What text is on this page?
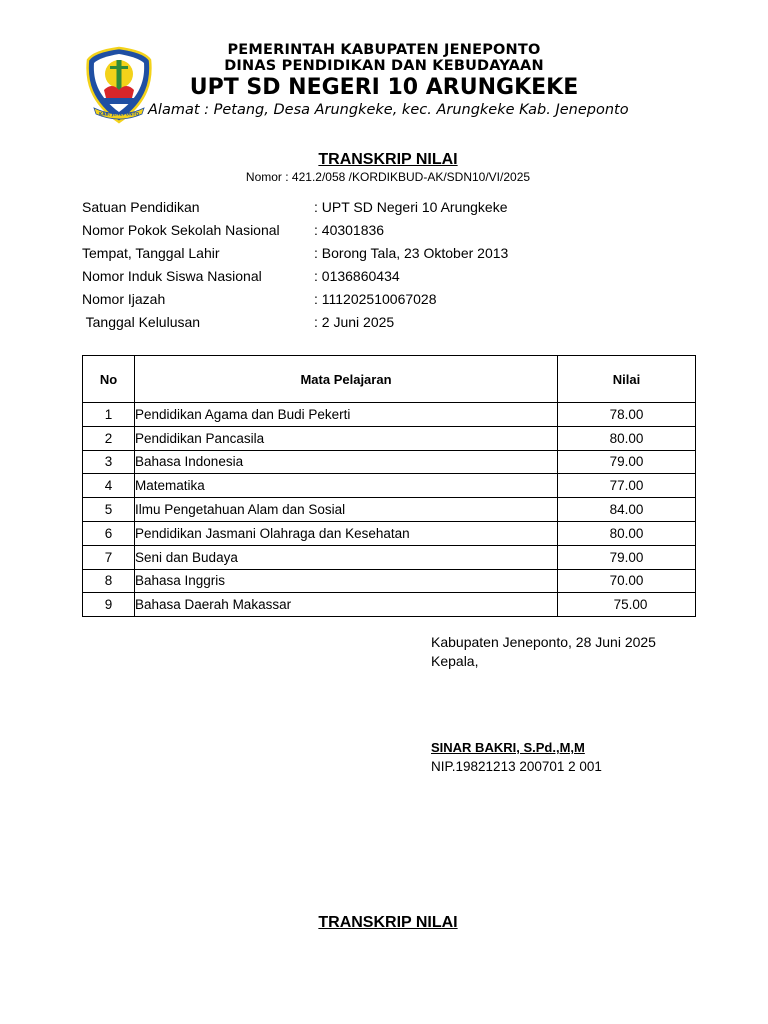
KAB. JENEPONTO
PEMERINTAH KABUPATEN JENEPONTO
DINAS PENDIDIKAN DAN KEBUDAYAAN
UPT SD NEGERI 10 ARUNGKEKE
Alamat : Petang, Desa Arungkeke, kec. Arungkeke Kab. Jeneponto
TRANSKRIP NILAI
Nomor : 421.2/058 /KORDIKBUD-AK/SDN10/VI/2025
Satuan Pendidikan	: UPT SD Negeri 10 Arungkeke
Nomor Pokok Sekolah Nasional : 40301836
Tempat, Tanggal Lahir	: Borong Tala, 23 Oktober 2013
Nomor Induk Siswa Nasional	: 0136860434
Nomor Ijazah	: 111202510067028
Tanggal Kelulusan	: 2 Juni 2025
No	Mata Pelajaran	Nilai
1	Pendidikan Agama dan Budi Pekerti	78.00
2	Pendidikan Pancasila	80.00
3	Bahasa Indonesia	79.00
4	Matematika	77.00
5	Ilmu Pengetahuan Alam dan Sosial	84.00
6	Pendidikan Jasmani Olahraga dan Kesehatan	80.00
7	Seni dan Budaya	79.00
8	Bahasa Inggris	70.00
9	Bahasa Daerah Makassar	75.00
Kabupaten Jeneponto, 28 Juni 2025
Kepala,
SINAR BAKRI, S.Pd.,M,M
NIP.19821213 200701 2 001
TRANSKRIP NILAI
